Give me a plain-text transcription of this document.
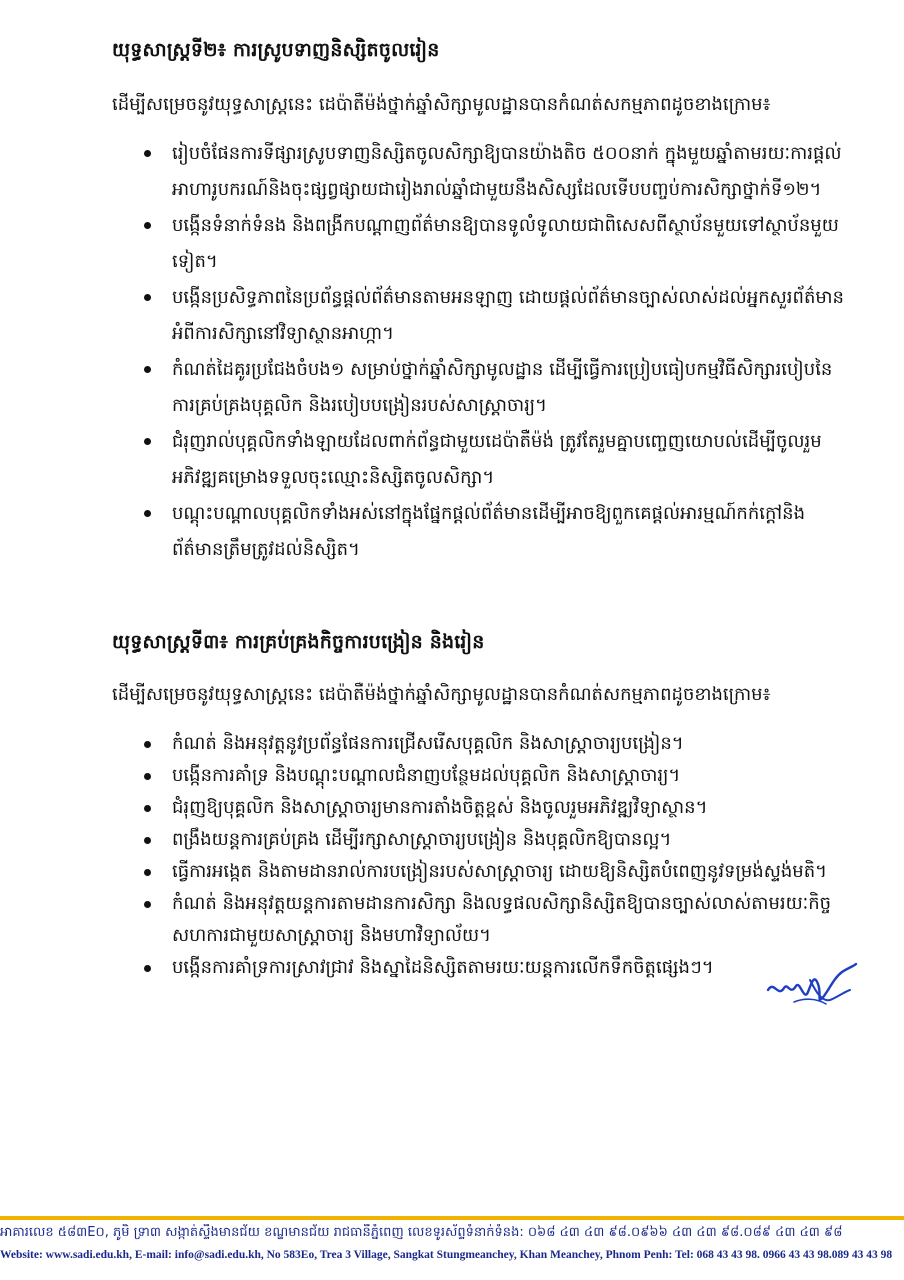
យុទ្ធសាស្ត្រទី២៖ ការស្រូបទាញនិស្សិតចូលរៀន
ដើម្បីសម្រេចនូវយុទ្ធសាស្ត្រនេះ ដេប៉ាតឺម៉ង់ថ្នាក់ឆ្នាំសិក្សាមូលដ្ឋានបានកំណត់សកម្មភាពដូចខាងក្រោម៖
រៀបចំផែនការទីផ្សារស្រូបទាញនិស្សិតចូលសិក្សាឱ្យបានយ៉ាងតិច ៥០០នាក់ ក្នុងមួយឆ្នាំតាមរយៈការផ្តល់អាហារូបករណ៍និងចុះផ្សព្វផ្សាយជារៀងរាល់ឆ្នាំជាមួយនឹងសិស្សដែលទើបបញ្ចប់ការសិក្សាថ្នាក់ទី១២។
បង្កើនទំនាក់ទំនង និងពង្រីកបណ្តាញព័ត៌មានឱ្យបានទូលំទូលាយជាពិសេសពីស្ថាប័នមួយទៅស្ថាប័នមួយទៀត។
បង្កើនប្រសិទ្ធភាពនៃប្រព័ន្ធផ្តល់ព័ត៌មានតាមអនឡាញ ដោយផ្តល់ព័ត៌មានច្បាស់លាស់ដល់អ្នកសួរព័ត៌មានអំពីការសិក្សានៅវិទ្យាស្ថានអាហ្កា។
កំណត់ដៃគូរប្រជែងចំបង១ សម្រាប់ថ្នាក់ឆ្នាំសិក្សាមូលដ្ឋាន ដើម្បីធ្វើការប្រៀបធៀបកម្មវិធីសិក្សារបៀបនៃការគ្រប់គ្រងបុគ្គលិក និងរបៀបបង្រៀនរបស់សាស្ត្រាចារ្យ។
ជំរុញរាល់បុគ្គលិកទាំងឡាយដែលពាក់ព័ន្ធជាមួយដេប៉ាតឺម៉ង់ ត្រូវតែរួមគ្នាបញ្ចេញយោបល់ដើម្បីចូលរួមអភិវឌ្ឍគម្រោងទទួលចុះឈ្មោះនិស្សិតចូលសិក្សា។
បណ្តុះបណ្តាលបុគ្គលិកទាំងអស់នៅក្នុងផ្នែកផ្តល់ព័ត៌មានដើម្បីអាចឱ្យពួកគេផ្តល់អារម្មណ៍កក់ក្តៅនិងព័ត៌មានត្រឹមត្រូវដល់និស្សិត។
យុទ្ធសាស្ត្រទី៣៖ ការគ្រប់គ្រងកិច្ចការបង្រៀន និងរៀន
ដើម្បីសម្រេចនូវយុទ្ធសាស្ត្រនេះ ដេប៉ាតឺម៉ង់ថ្នាក់ឆ្នាំសិក្សាមូលដ្ឋានបានកំណត់សកម្មភាពដូចខាងក្រោម៖
កំណត់ និងអនុវត្តនូវប្រព័ន្ធផែនការជ្រើសរើសបុគ្គលិក និងសាស្ត្រាចារ្យបង្រៀន។
បង្កើនការគាំទ្រ និងបណ្តុះបណ្តាលជំនាញបន្ថែមដល់បុគ្គលិក និងសាស្ត្រាចារ្យ។
ជំរុញឱ្យបុគ្គលិក និងសាស្ត្រាចារ្យមានការតាំងចិត្តខ្ពស់ និងចូលរួមអភិវឌ្ឍវិទ្យាស្ថាន។
ពង្រឹងយន្តការគ្រប់គ្រង ដើម្បីរក្សាសាស្ត្រាចារ្យបង្រៀន និងបុគ្គលិកឱ្យបានល្អ។
ធ្វើការអង្កេត និងតាមដានរាល់ការបង្រៀនរបស់សាស្ត្រាចារ្យ ដោយឱ្យនិស្សិតបំពេញនូវទម្រង់ស្ទង់មតិ។
កំណត់ និងអនុវត្តយន្តការតាមដានការសិក្សា និងលទ្ធផលសិក្សានិស្សិតឱ្យបានច្បាស់លាស់តាមរយៈកិច្ចសហការជាមួយសាស្ត្រាចារ្យ និងមហាវិទ្យាល័យ។
បង្កើនការគាំទ្រការស្រាវជ្រាវ និងស្នាដៃនិស្សិតតាមរយៈយន្តការលើកទឹកចិត្តផ្សេងៗ។
អាគារលេខ ៥៨៣E០, ភូមិ ទ្រា៣ សង្កាត់ស្ទឹងមានជ័យ ខណ្ឌមានជ័យ រាជធានីភ្នំពេញ លេខទូរស័ព្ទទំនាក់ទំនង: ០៦៨ ៤៣ ៤៣ ៩៨.០៩៦៦ ៤៣ ៤៣ ៩៨.០៨៩ ៤៣ ៤៣ ៩៨
Website: www.sadi.edu.kh, E-mail: info@sadi.edu.kh, No 583Eo, Trea 3 Village, Sangkat Stungmeanchey, Khan Meanchey, Phnom Penh: Tel: 068 43 43 98. 0966 43 43 98.089 43 43 98
